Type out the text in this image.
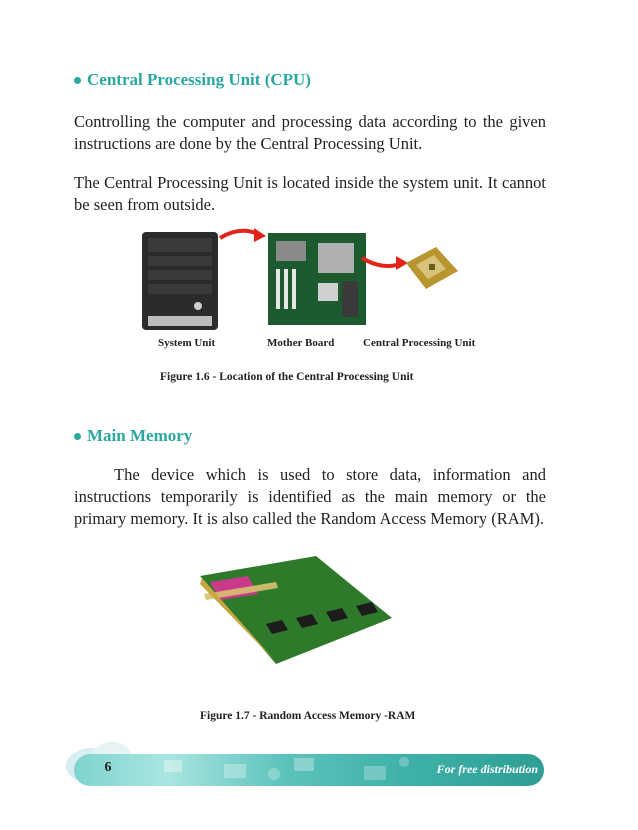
Central Processing Unit (CPU)

Controlling the computer and processing data according to the given instructions are done by the Central Processing Unit.

The Central Processing Unit is located inside the system unit. It cannot be seen from outside.

System Unit	Mother Board	Central Processing Unit
Figure 1.6 - Location of the Central Processing Unit
Main Memory

The device which is used to store data, information and instructions temporarily is identified as the main memory or the primary memory. It is also called the Random Access Memory (RAM).

Figure 1.7 - Random Access Memory -RAM
6	For free distribution
